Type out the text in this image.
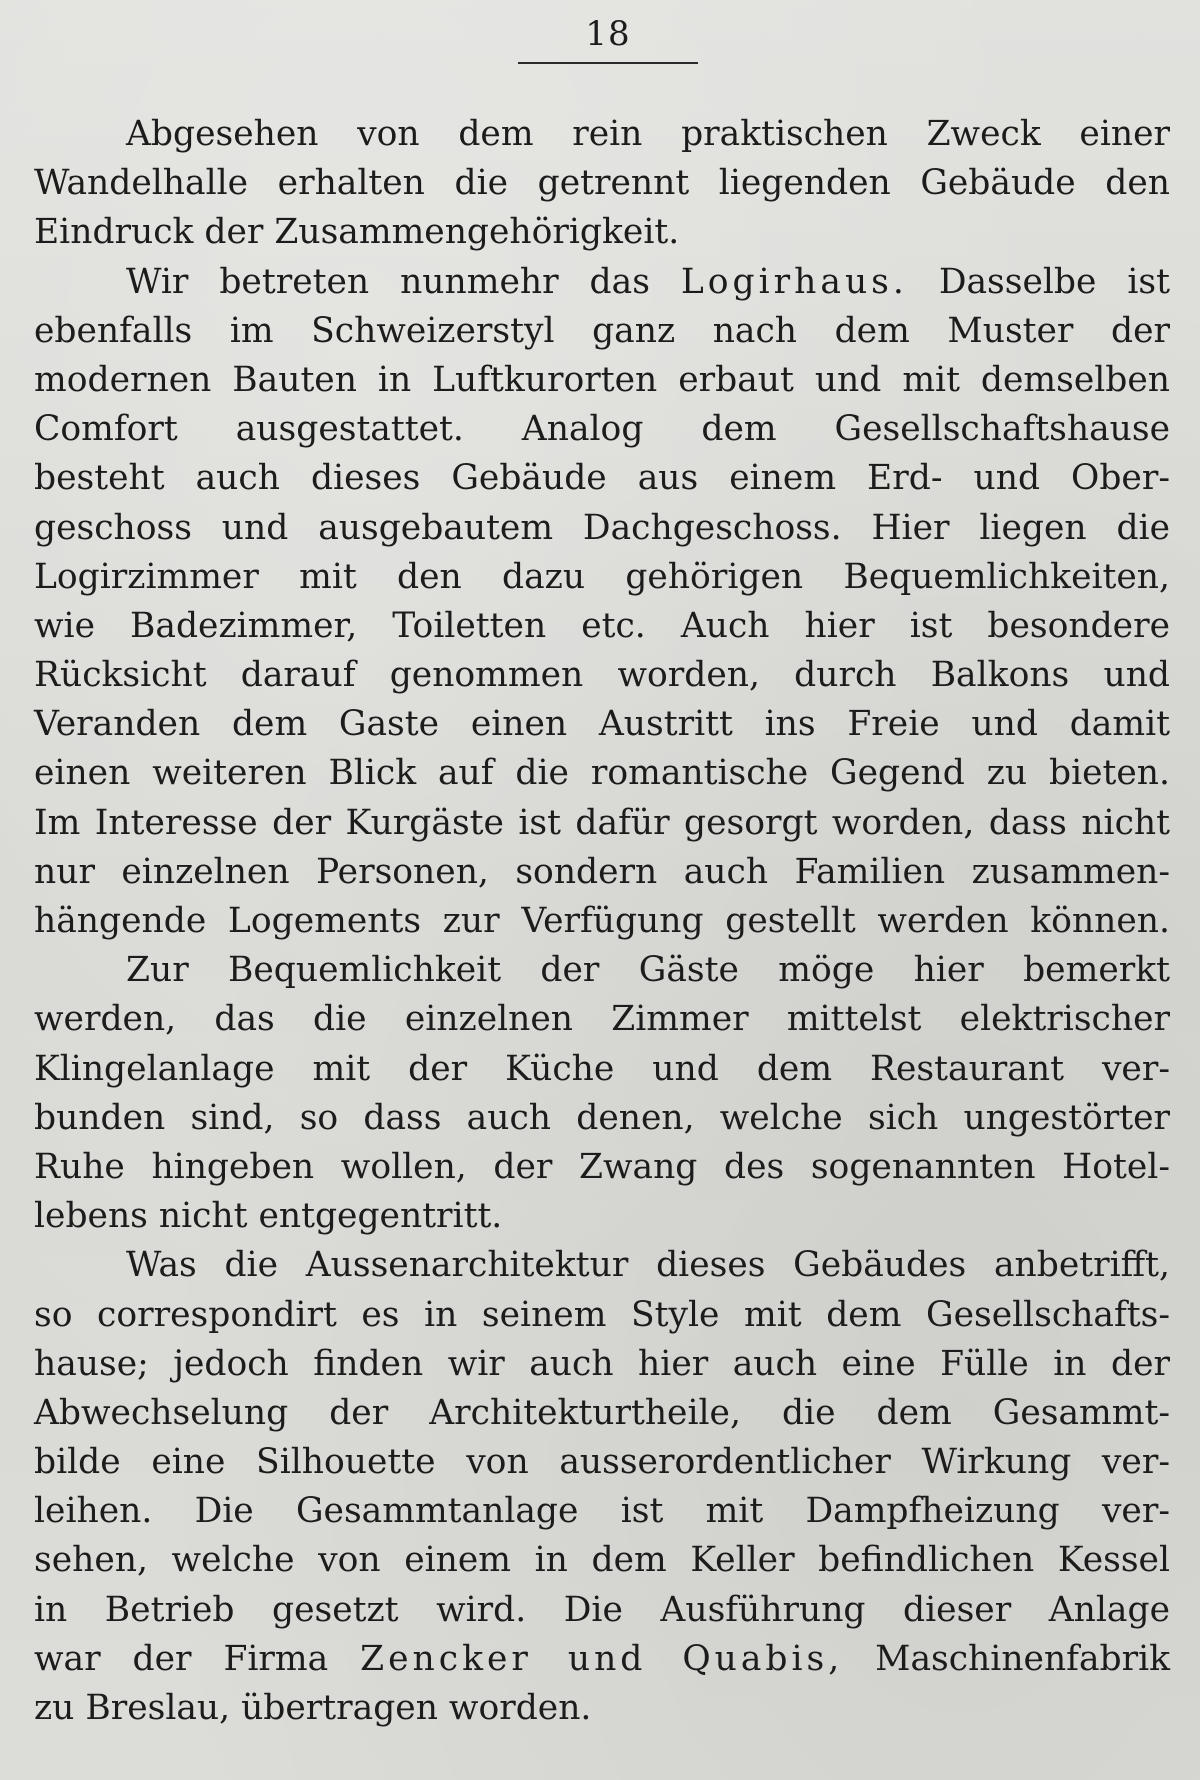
18
Abgesehen von dem rein praktischen Zweck einer
Wandelhalle erhalten die getrennt liegenden Gebäude den
Eindruck der Zusammengehörigkeit.
Wir betreten nunmehr das Logirhaus. Dasselbe ist
ebenfalls im Schweizerstyl ganz nach dem Muster der
modernen Bauten in Luftkurorten erbaut und mit demselben
Comfort ausgestattet. Analog dem Gesellschaftshause
besteht auch dieses Gebäude aus einem Erd- und Ober-
geschoss und ausgebautem Dachgeschoss. Hier liegen die
Logirzimmer mit den dazu gehörigen Bequemlichkeiten,
wie Badezimmer, Toiletten etc. Auch hier ist besondere
Rücksicht darauf genommen worden, durch Balkons und
Veranden dem Gaste einen Austritt ins Freie und damit
einen weiteren Blick auf die romantische Gegend zu bieten.
Im Interesse der Kurgäste ist dafür gesorgt worden, dass nicht
nur einzelnen Personen, sondern auch Familien zusammen-
hängende Logements zur Verfügung gestellt werden können.
Zur Bequemlichkeit der Gäste möge hier bemerkt
werden, das die einzelnen Zimmer mittelst elektrischer
Klingelanlage mit der Küche und dem Restaurant ver-
bunden sind, so dass auch denen, welche sich ungestörter
Ruhe hingeben wollen, der Zwang des sogenannten Hotel-
lebens nicht entgegentritt.
Was die Aussenarchitektur dieses Gebäudes anbetrifft,
so correspondirt es in seinem Style mit dem Gesellschafts-
hause; jedoch finden wir auch hier auch eine Fülle in der
Abwechselung der Architekturtheile, die dem Gesammt-
bilde eine Silhouette von ausserordentlicher Wirkung ver-
leihen. Die Gesammtanlage ist mit Dampfheizung ver-
sehen, welche von einem in dem Keller befindlichen Kessel
in Betrieb gesetzt wird. Die Ausführung dieser Anlage
war der Firma Zencker und Quabis, Maschinenfabrik
zu Breslau, übertragen worden.
